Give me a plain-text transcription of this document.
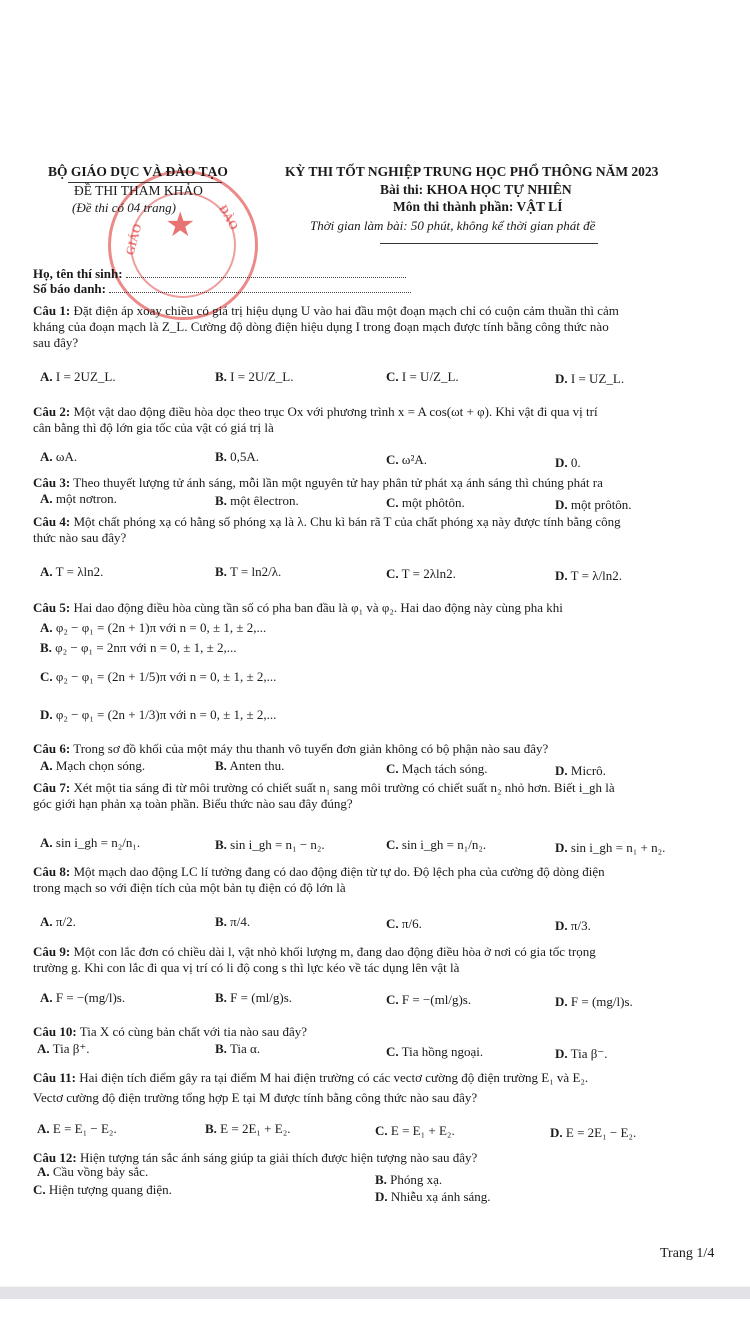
★
GIÁO
ĐÀO
BỘ GIÁO DỤC VÀ ĐÀO TẠO
ĐỀ THI THAM KHẢO
(Đề thi có 04 trang)
KỲ THI TỐT NGHIỆP TRUNG HỌC PHỔ THÔNG NĂM 2023
Bài thi: KHOA HỌC TỰ NHIÊN
Môn thi thành phần: VẬT LÍ
Thời gian làm bài: 50 phút, không kể thời gian phát đề
Họ, tên thí sinh:
Số báo danh:
Câu 1: Đặt điện áp xoay chiều có giá trị hiệu dụng U vào hai đầu một đoạn mạch chỉ có cuộn cảm thuần thì cảm
kháng của đoạn mạch là Z_L. Cường độ dòng điện hiệu dụng I trong đoạn mạch được tính bằng công thức nào
sau đây?
A. I = 2UZ_L.	B. I = 2U/Z_L.	C. I = U/Z_L.	D. I = UZ_L.
Câu 2: Một vật dao động điều hòa dọc theo trục Ox với phương trình x = A cos(ωt + φ). Khi vật đi qua vị trí
cân bằng thì độ lớn gia tốc của vật có giá trị là
A. ωA.	B. 0,5A.	C. ω²A.	D. 0.
Câu 3: Theo thuyết lượng tử ánh sáng, mỗi lần một nguyên tử hay phân tử phát xạ ánh sáng thì chúng phát ra
A. một nơtron.	B. một êlectron.	C. một phôtôn.	D. một prôtôn.
Câu 4: Một chất phóng xạ có hằng số phóng xạ là λ. Chu kì bán rã T của chất phóng xạ này được tính bằng công
thức nào sau đây?
A. T = λln2.	B. T = ln2/λ.	C. T = 2λln2.	D. T = λ/ln2.
Câu 5: Hai dao động điều hòa cùng tần số có pha ban đầu là φ₁ và φ₂. Hai dao động này cùng pha khi
A. φ₂ − φ₁ = (2n + 1)π với n = 0, ± 1, ± 2,...
B. φ₂ − φ₁ = 2nπ với n = 0, ± 1, ± 2,...
C. φ₂ − φ₁ = (2n + 1/5)π với n = 0, ± 1, ± 2,...
D. φ₂ − φ₁ = (2n + 1/3)π với n = 0, ± 1, ± 2,...
Câu 6: Trong sơ đồ khối của một máy thu thanh vô tuyến đơn giản không có bộ phận nào sau đây?
A. Mạch chọn sóng.	B. Anten thu.	C. Mạch tách sóng.	D. Micrô.
Câu 7: Xét một tia sáng đi từ môi trường có chiết suất n₁ sang môi trường có chiết suất n₂ nhỏ hơn. Biết i_gh là
góc giới hạn phản xạ toàn phần. Biểu thức nào sau đây đúng?
A. sin i_gh = n₂/n₁.	B. sin i_gh = n₁ − n₂.	C. sin i_gh = n₁/n₂.	D. sin i_gh = n₁ + n₂.
Câu 8: Một mạch dao động LC lí tưởng đang có dao động điện từ tự do. Độ lệch pha của cường độ dòng điện
trong mạch so với điện tích của một bản tụ điện có độ lớn là
A. π/2.	B. π/4.	C. π/6.	D. π/3.
Câu 9: Một con lắc đơn có chiều dài l, vật nhỏ khối lượng m, đang dao động điều hòa ở nơi có gia tốc trọng
trường g. Khi con lắc đi qua vị trí có li độ cong s thì lực kéo về tác dụng lên vật là
A. F = −(mg/l)s.	B. F = (ml/g)s.	C. F = −(ml/g)s.	D. F = (mg/l)s.
Câu 10: Tia X có cùng bản chất với tia nào sau đây?
A. Tia β⁺.	B. Tia α.	C. Tia hồng ngoại.	D. Tia β⁻.
Câu 11: Hai điện tích điểm gây ra tại điểm M hai điện trường có các vectơ cường độ điện trường E₁ và E₂.
Vectơ cường độ điện trường tổng hợp E tại M được tính bằng công thức nào sau đây?
A. E = E₁ − E₂.	B. E = 2E₁ + E₂.	C. E = E₁ + E₂.	D. E = 2E₁ − E₂.
Câu 12: Hiện tượng tán sắc ánh sáng giúp ta giải thích được hiện tượng nào sau đây?
A. Cầu vồng bảy sắc.
C. Hiện tượng quang điện.
B. Phóng xạ.
D. Nhiễu xạ ánh sáng.
Trang 1/4
